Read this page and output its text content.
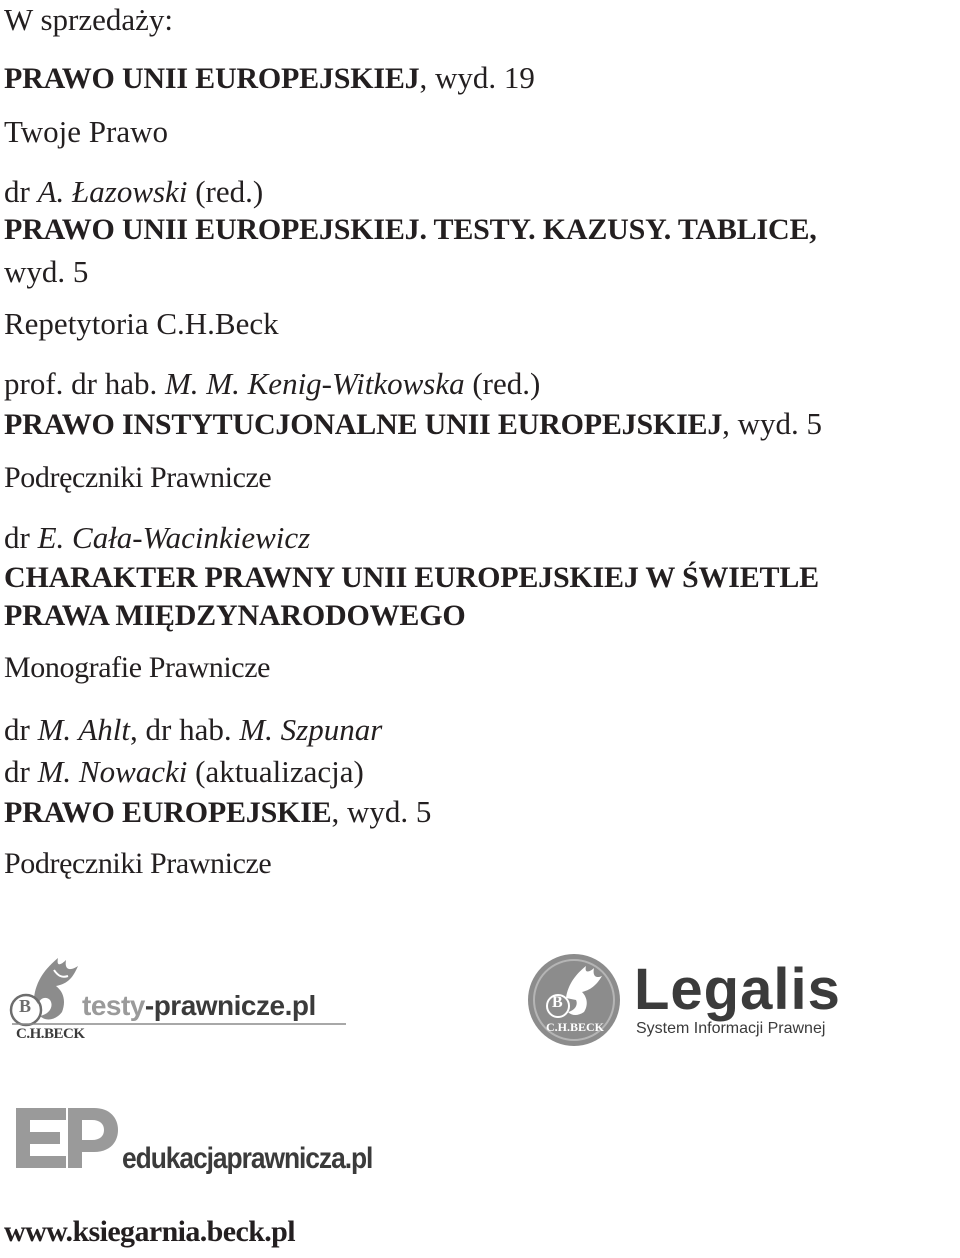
W sprzedaży:

PRAWO UNII EUROPEJSKIEJ, wyd. 19

Twoje Prawo

dr A. Łazowski (red.)

PRAWO UNII EUROPEJSKIEJ. TESTY. KAZUSY. TABLICE,

wyd. 5

Repetytoria C.H.Beck

prof. dr hab. M. M. Kenig-Witkowska (red.)

PRAWO INSTYTUCJONALNE UNII EUROPEJSKIEJ, wyd. 5

Podręczniki Prawnicze

dr E. Cała-Wacinkiewicz

CHARAKTER PRAWNY UNII EUROPEJSKIEJ W ŚWIETLE

PRAWA MIĘDZYNARODOWEGO

Monografie Prawnicze

dr M. Ahlt, dr hab. M. Szpunar

dr M. Nowacki (aktualizacja)

PRAWO EUROPEJSKIE, wyd. 5

Podręczniki Prawnicze

B
C.H.BECK
testy-prawnicze.pl	B
C.H.BECK
Legalis
System Informacji Prawnej
edukacjaprawnicza.pl

www.ksiegarnia.beck.pl
